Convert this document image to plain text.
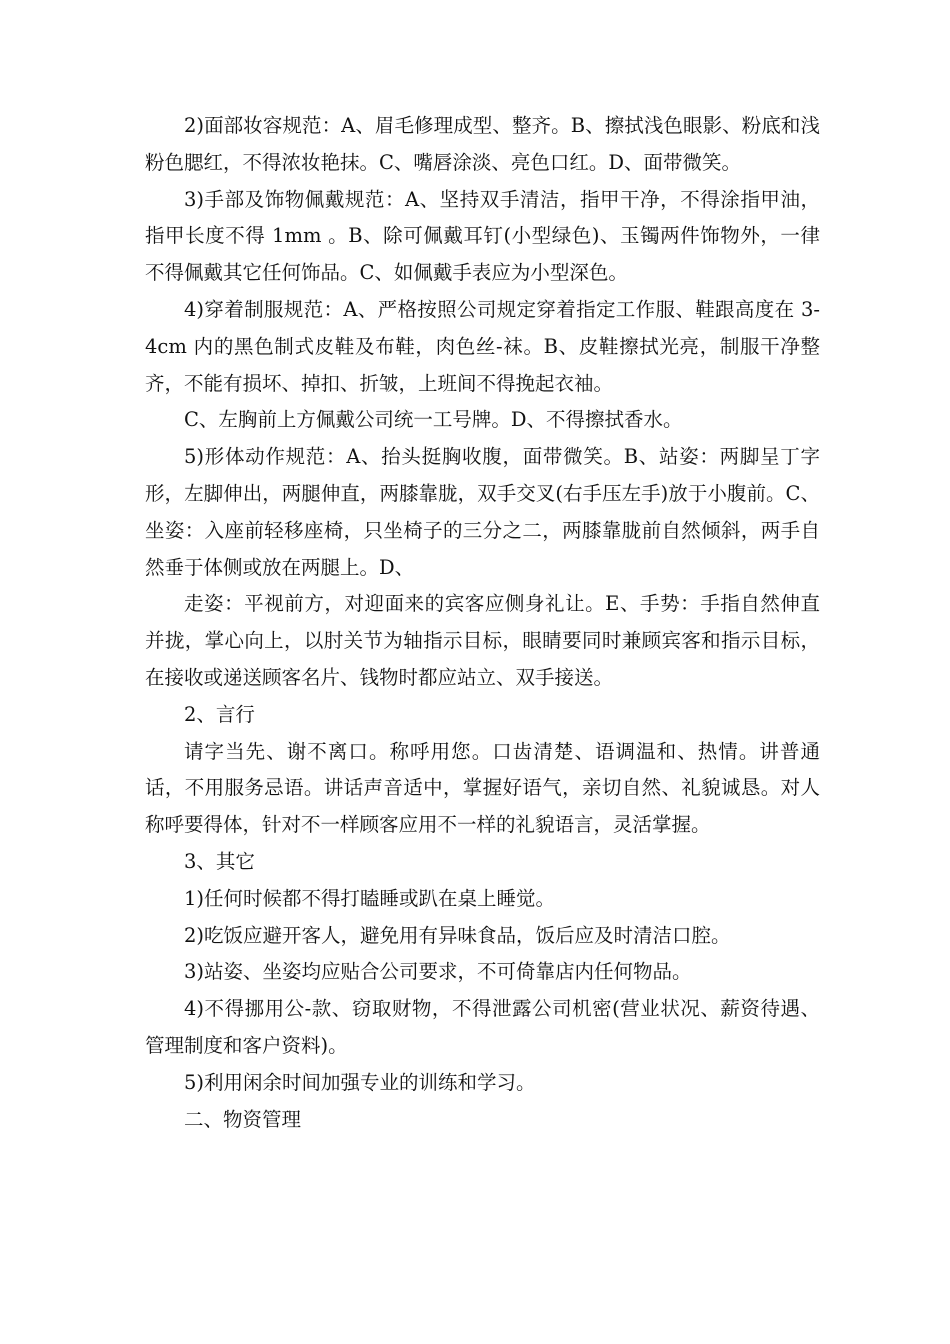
2)面部妆容规范：A、眉毛修理成型、整齐。B、擦拭浅色眼影、粉底和浅粉色腮红，不得浓妆艳抹。C、嘴唇涂淡、亮色口红。D、面带微笑。

3)手部及饰物佩戴规范：A、坚持双手清洁，指甲干净，不得涂指甲油，指甲长度不得 1mm 。B、除可佩戴耳钉(小型绿色)、玉镯两件饰物外，一律不得佩戴其它任何饰品。C、如佩戴手表应为小型深色。

4)穿着制服规范：A、严格按照公司规定穿着指定工作服、鞋跟高度在 3-4cm 内的黑色制式皮鞋及布鞋，肉色丝-袜。B、皮鞋擦拭光亮，制服干净整齐，不能有损坏、掉扣、折皱，上班间不得挽起衣袖。

C、左胸前上方佩戴公司统一工号牌。D、不得擦拭香水。

5)形体动作规范：A、抬头挺胸收腹，面带微笑。B、站姿：两脚呈丁字形，左脚伸出，两腿伸直，两膝靠胧，双手交叉(右手压左手)放于小腹前。C、坐姿：入座前轻移座椅，只坐椅子的三分之二，两膝靠胧前自然倾斜，两手自然垂于体侧或放在两腿上。D、

走姿：平视前方，对迎面来的宾客应侧身礼让。E、手势：手指自然伸直并拢，掌心向上，以肘关节为轴指示目标，眼睛要同时兼顾宾客和指示目标，在接收或递送顾客名片、钱物时都应站立、双手接送。

2、言行

请字当先、谢不离口。称呼用您。口齿清楚、语调温和、热情。讲普通话，不用服务忌语。讲话声音适中，掌握好语气，亲切自然、礼貌诚恳。对人称呼要得体，针对不一样顾客应用不一样的礼貌语言，灵活掌握。

3、其它

1)任何时候都不得打瞌睡或趴在桌上睡觉。

2)吃饭应避开客人，避免用有异味食品，饭后应及时清洁口腔。

3)站姿、坐姿均应贴合公司要求，不可倚靠店内任何物品。

4)不得挪用公-款、窃取财物，不得泄露公司机密(营业状况、薪资待遇、管理制度和客户资料)。

5)利用闲余时间加强专业的训练和学习。

二、物资管理
